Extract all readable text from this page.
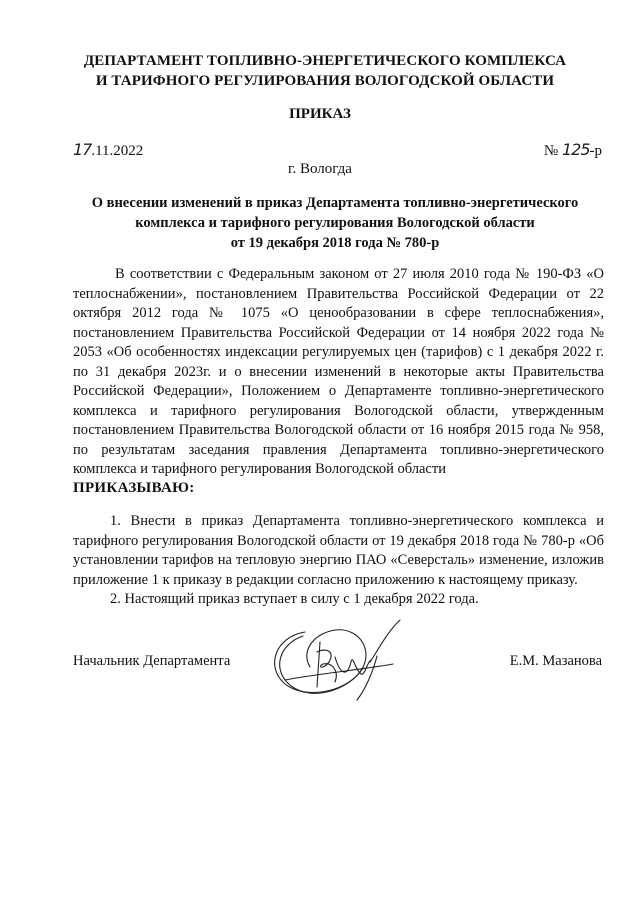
ДЕПАРТАМЕНТ ТОПЛИВНО-ЭНЕРГЕТИЧЕСКОГО КОМПЛЕКСА
И ТАРИФНОГО РЕГУЛИРОВАНИЯ ВОЛОГОДСКОЙ ОБЛАСТИ
ПРИКАЗ
17.11.2022	№ 125-р
г. Вологда
О внесении изменений в приказ Департамента топливно-энергетического
комплекса и тарифного регулирования Вологодской области
от 19 декабря 2018 года № 780-р
В соответствии с Федеральным законом от 27 июля 2010 года № 190-ФЗ «О теплоснабжении», постановлением Правительства Российской Федерации от 22 октября 2012 года № 1075 «О ценообразовании в сфере теплоснабжения», постановлением Правительства Российской Федерации от 14 ноября 2022 года № 2053 «Об особенностях индексации регулируемых цен (тарифов) с 1 декабря 2022 г. по 31 декабря 2023г. и о внесении изменений в некоторые акты Правительства Российской Федерации», Положением о Департаменте топливно-энергетического комплекса и тарифного регулирования Вологодской области, утвержденным постановлением Правительства Вологодской области от 16 ноября 2015 года № 958, по результатам заседания правления Департамента топливно-энергетического комплекса и тарифного регулирования Вологодской области
ПРИКАЗЫВАЮ:

1. Внести в приказ Департамента топливно-энергетического комплекса и тарифного регулирования Вологодской области от 19 декабря 2018 года № 780-р «Об установлении тарифов на тепловую энергию ПАО «Северсталь» изменение, изложив приложение 1 к приказу в редакции согласно приложению к настоящему приказу.

2. Настоящий приказ вступает в силу с 1 декабря 2022 года.

Начальник Департамента	Е.М. Мазанова
